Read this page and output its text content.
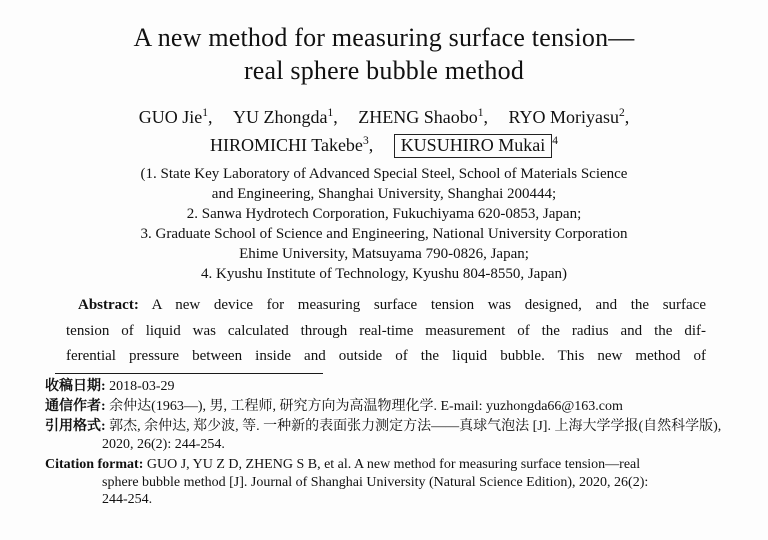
A new method for measuring surface tension—
real sphere bubble method
GUO Jie$^1$, YU Zhongda$^1$, ZHENG Shaobo$^1$, RYO Moriyasu$^2$,
HIROMICHI Takebe$^3$, KUSUHIRO Mukai $^4$
(1. State Key Laboratory of Advanced Special Steel, School of Materials Science
and Engineering, Shanghai University, Shanghai 200444;
2. Sanwa Hydrotech Corporation, Fukuchiyama 620-0853, Japan;
3. Graduate School of Science and Engineering, National University Corporation
Ehime University, Matsuyama 790-0826, Japan;
4. Kyushu Institute of Technology, Kyushu 804-8550, Japan)
Abstract: A new device for measuring surface tension was designed, and the surface
tension of liquid was calculated through real-time measurement of the radius and the dif-
ferential pressure between inside and outside of the liquid bubble. This new method of
收稿日期: 2018-03-29
通信作者: 余仲达(1963—), 男, 工程师, 研究方向为高温物理化学. E-mail: yuzhongda66@163.com
引用格式: 郭杰, 余仲达, 郑少波, 等. 一种新的表面张力测定方法——真球气泡法 [J]. 上海大学学报(自然科学版),
2020, 26(2): 244-254.
Citation format: GUO J, YU Z D, ZHENG S B, et al. A new method for measuring surface tension—real
sphere bubble method [J]. Journal of Shanghai University (Natural Science Edition), 2020, 26(2):
244-254.
